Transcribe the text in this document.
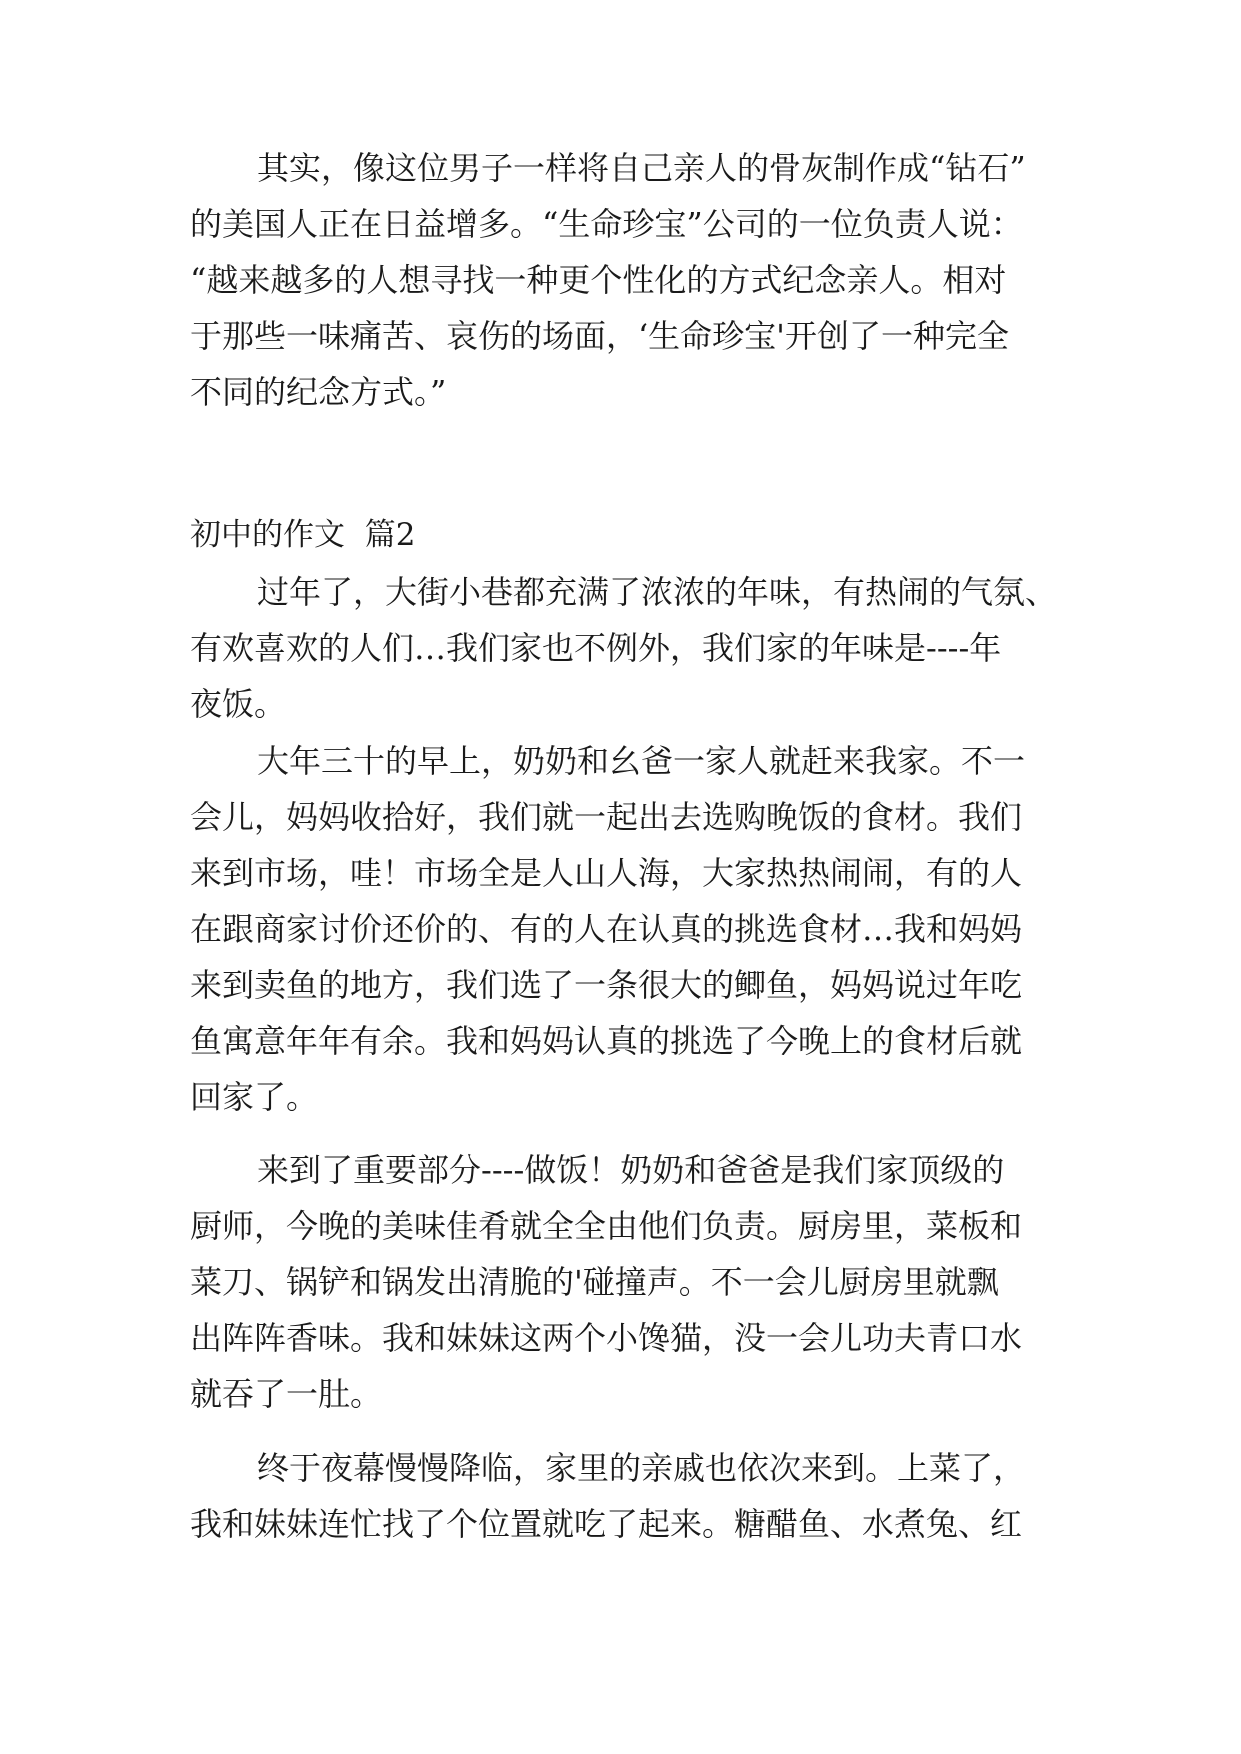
其实，像这位男子一样将自己亲人的骨灰制作成“钻石”
的美国人正在日益增多。“生命珍宝”公司的一位负责人说：
“越来越多的人想寻找一种更个性化的方式纪念亲人。相对
于那些一味痛苦、哀伤的场面，‘生命珍宝'开创了一种完全
不同的纪念方式。”
初中的作文  篇2
过年了，大街小巷都充满了浓浓的年味，有热闹的气氛、
有欢喜欢的人们…我们家也不例外，我们家的年味是----年
夜饭。
大年三十的早上，奶奶和幺爸一家人就赶来我家。不一
会儿，妈妈收拾好，我们就一起出去选购晚饭的食材。我们
来到市场，哇！市场全是人山人海，大家热热闹闹，有的人
在跟商家讨价还价的、有的人在认真的挑选食材…我和妈妈
来到卖鱼的地方，我们选了一条很大的鲫鱼，妈妈说过年吃
鱼寓意年年有余。我和妈妈认真的挑选了今晚上的食材后就
回家了。
来到了重要部分----做饭！奶奶和爸爸是我们家顶级的
厨师，今晚的美味佳肴就全全由他们负责。厨房里，菜板和
菜刀、锅铲和锅发出清脆的'碰撞声。不一会儿厨房里就飘
出阵阵香味。我和妹妹这两个小馋猫，没一会儿功夫青口水
就吞了一肚。
终于夜幕慢慢降临，家里的亲戚也依次来到。上菜了，
我和妹妹连忙找了个位置就吃了起来。糖醋鱼、水煮兔、红
